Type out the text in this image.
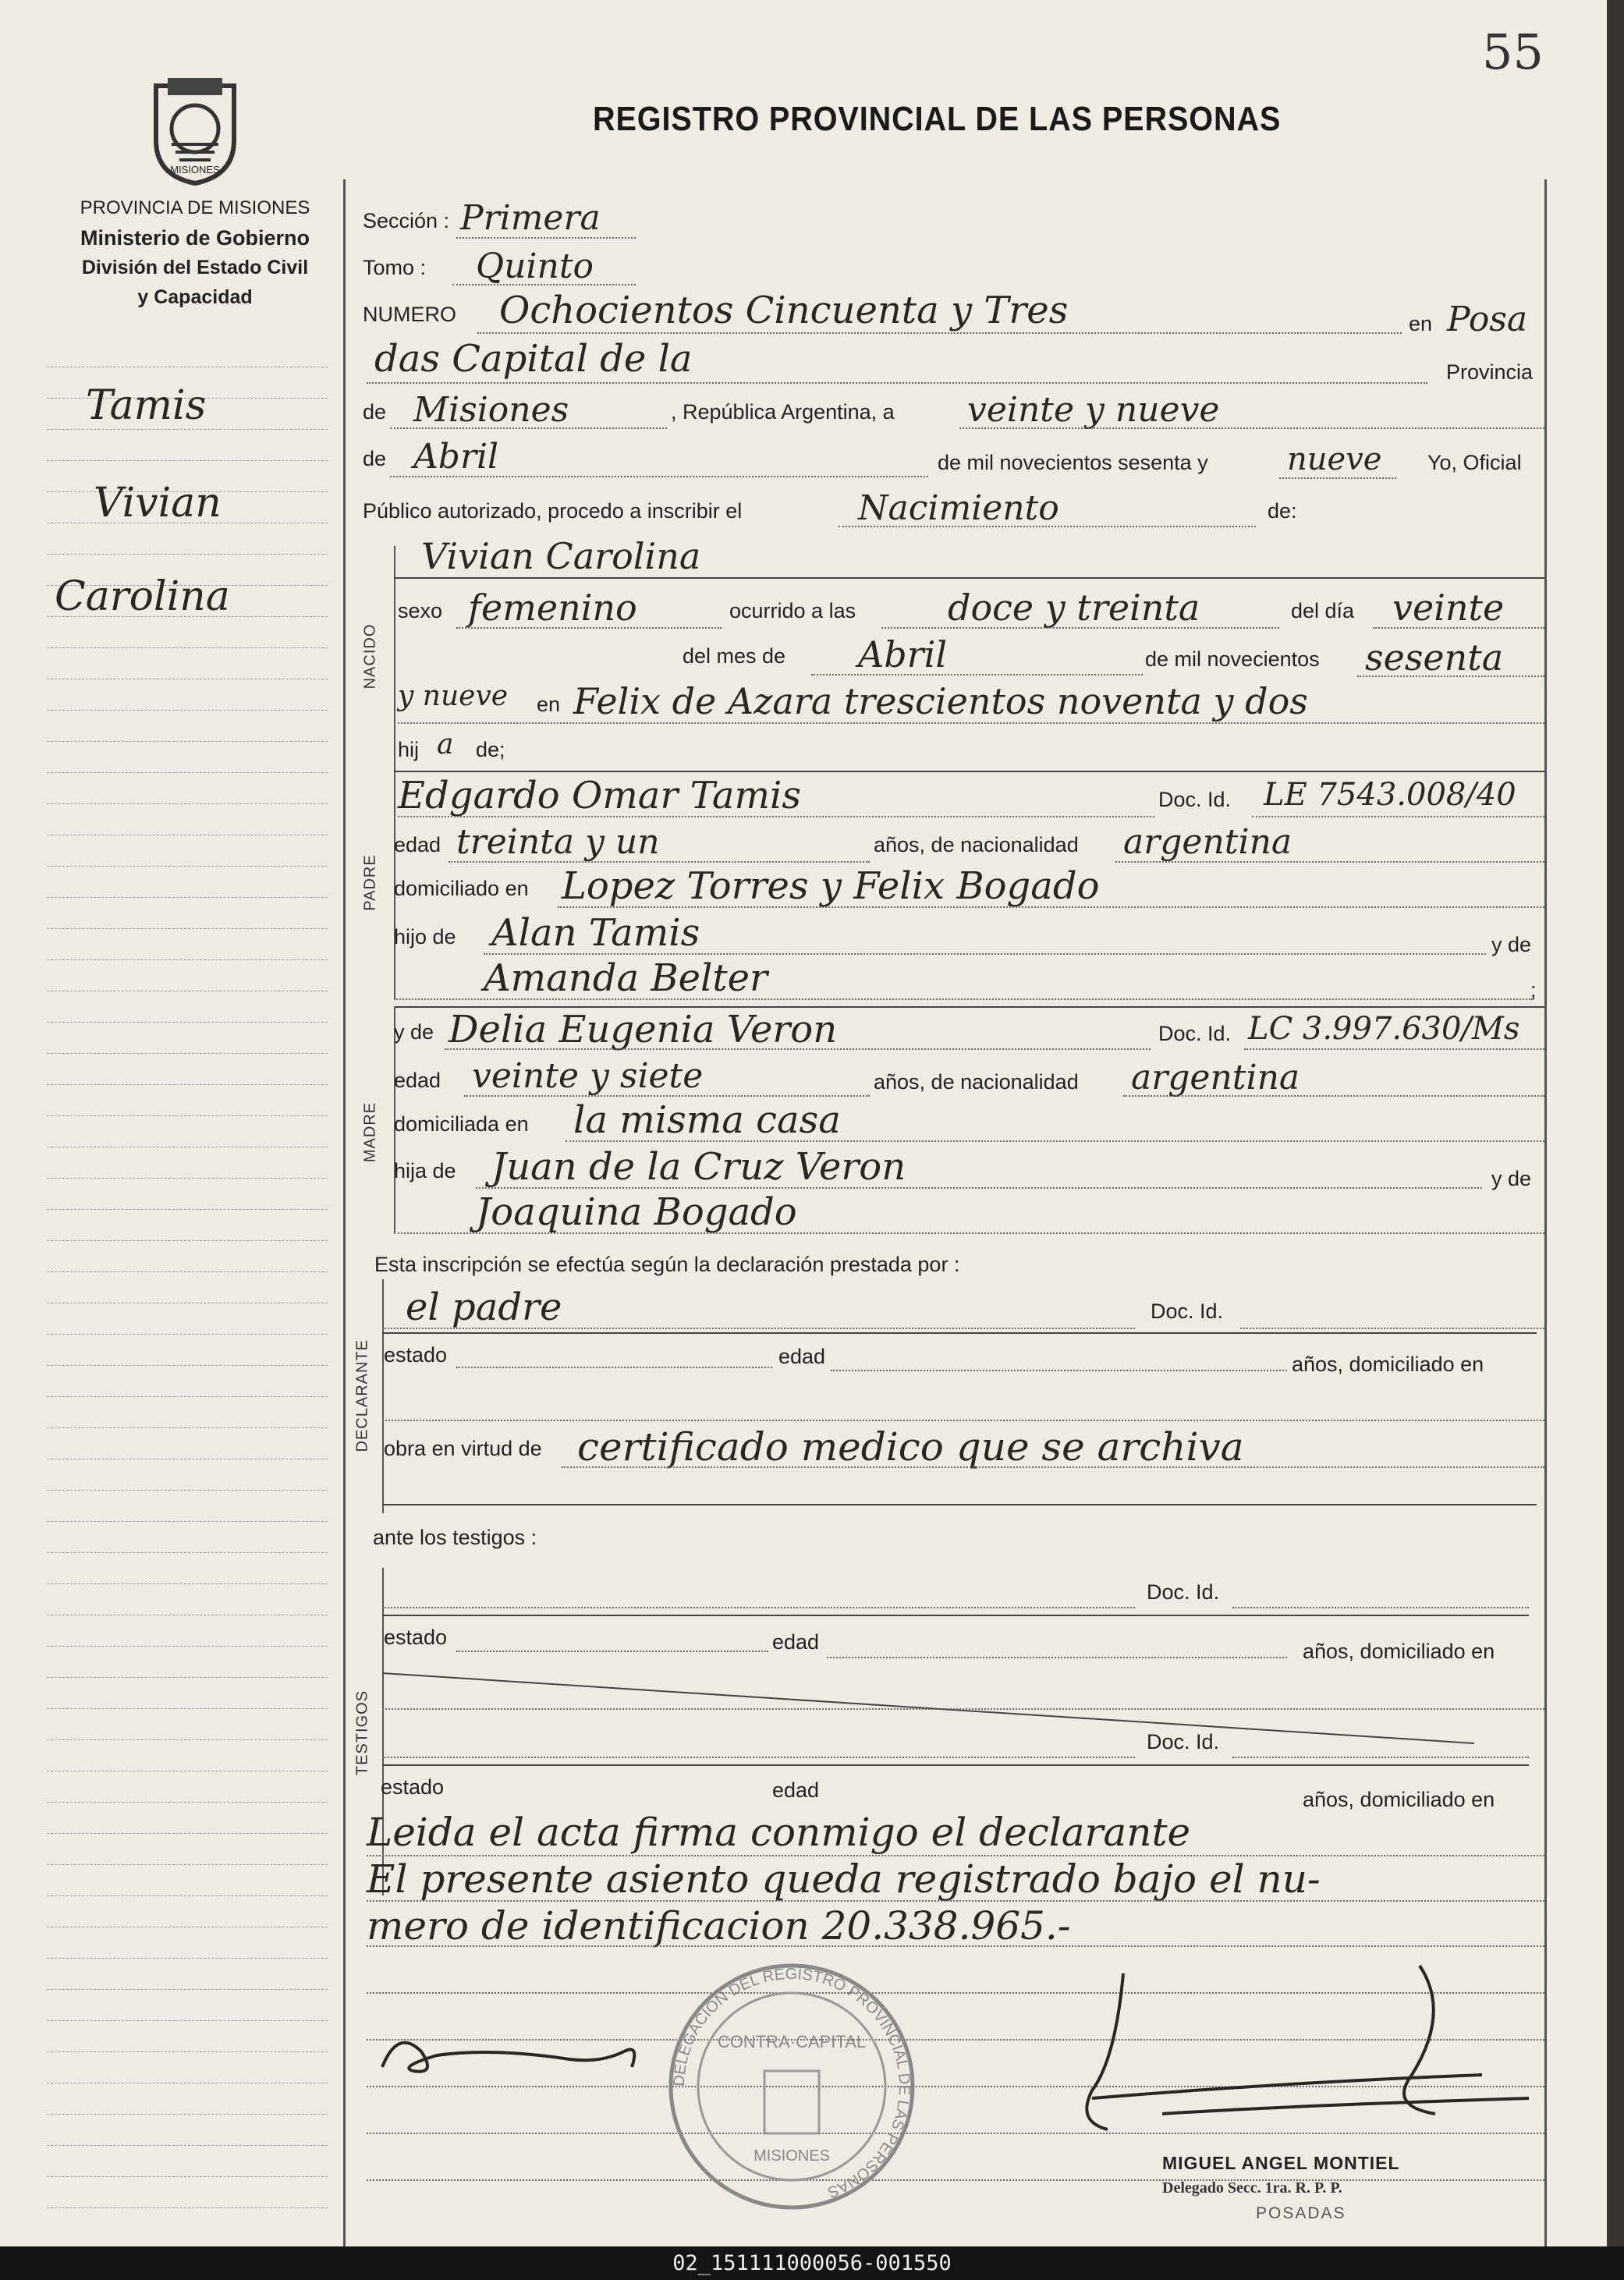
55
MISIONES
PROVINCIA DE MISIONES
Ministerio de Gobierno
División del Estado Civil
y Capacidad
REGISTRO PROVINCIAL DE LAS PERSONAS
Tamis
Vivian
Carolina
Sección : Primera
Tomo : Quinto
NUMERO Ochocientos Cincuenta y Tres	en Posa
das Capital de la	Provincia
de Misiones	, República Argentina, a veinte y nueve
de Abril	de mil novecientos sesenta y	nueve Yo, Oficial
Público autorizado, procedo a inscribir el	Nacimiento	de:
NACIDO
Vivian Carolina
sexo femenino	ocurrido a las	doce y treinta	del día veinte
del mes de Abril	de mil novecientos sesenta
y nueve en Felix de Azara trescientos noventa y dos
hij a de;
PADRE
Edgardo Omar Tamis	Doc. Id. LE 7543.008/40
edad treinta y un	años, de nacionalidad argentina
domiciliado en Lopez Torres y Felix Bogado
hijo de Alan Tamis	y de
Amanda Belter	;
MADRE
y de Delia Eugenia Veron	Doc. Id. LC 3.997.630/Ms
edad veinte y siete	años, de nacionalidad argentina
domiciliada en la misma casa
hija de Juan de la Cruz Veron	y de
Joaquina Bogado
Esta inscripción se efectúa según la declaración prestada por :
DECLARANTE
el padre	Doc. Id.
estado	edad	años, domiciliado en
obra en virtud de certificado medico que se archiva
ante los testigos :
TESTIGOS
Doc. Id.
estado	edad	años, domiciliado en
Doc. Id.
estado	edad	años, domiciliado en
Leida el acta firma conmigo el declarante
El presente asiento queda registrado bajo el nu-
mero de identificacion 20.338.965.-
DELEGACION DEL REGISTRO PROVINCIAL DE LAS PERSONAS
CONTRA·CAPITAL
MISIONES	MIGUEL ANGEL MONTIEL
Delegado Secc. 1ra. R. P. P.
POSADAS
02_151111000056-001550
